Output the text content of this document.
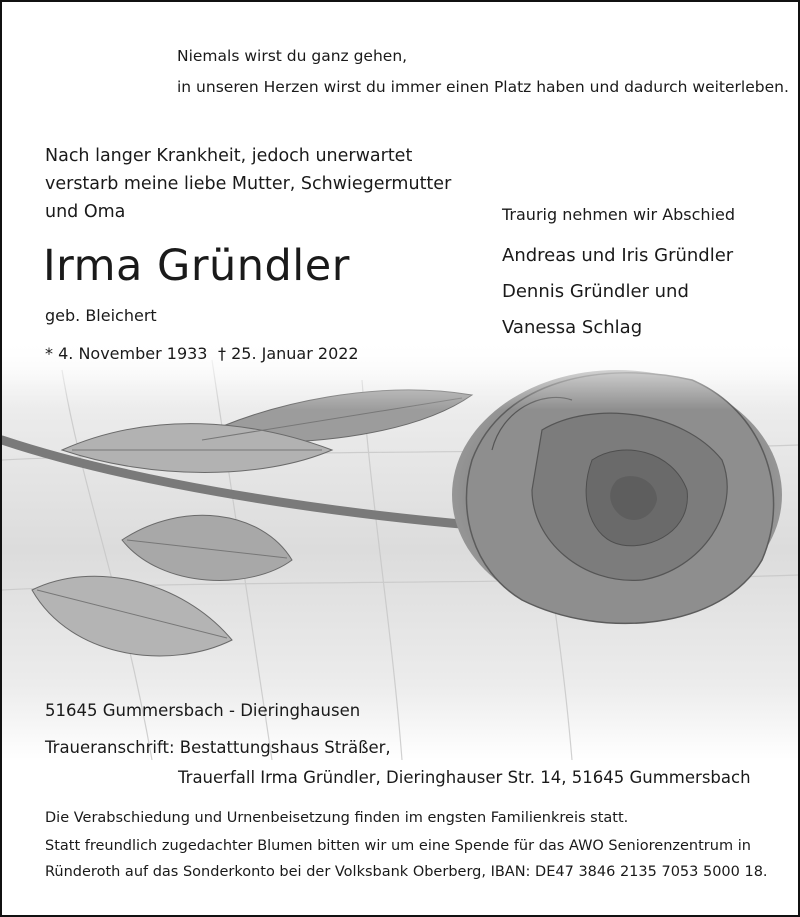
Niemals wirst du ganz gehen,
in unseren Herzen wirst du immer einen Platz haben und dadurch weiterleben.
Nach langer Krankheit, jedoch unerwartet
verstarb meine liebe Mutter, Schwiegermutter
und Oma
Irma Gründler
geb. Bleichert
* 4. November 1933 † 25. Januar 2022
Traurig nehmen wir Abschied
Andreas und Iris Gründler
Dennis Gründler und
Vanessa Schlag
51645 Gummersbach - Dieringhausen
Traueranschrift: Bestattungshaus Sträßer,
Trauerfall Irma Gründler, Dieringhauser Str. 14, 51645 Gummersbach
Die Verabschiedung und Urnenbeisetzung finden im engsten Familienkreis statt.
Statt freundlich zugedachter Blumen bitten wir um eine Spende für das AWO Seniorenzentrum in
Ründeroth auf das Sonderkonto bei der Volksbank Oberberg, IBAN: DE47 3846 2135 7053 5000 18.
